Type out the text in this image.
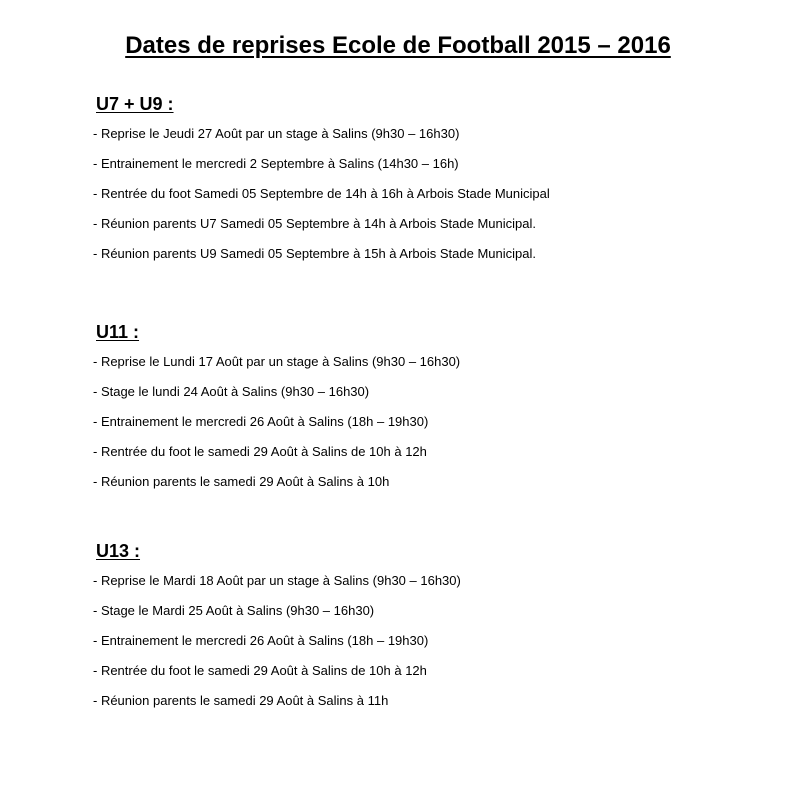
Dates de reprises Ecole de Football 2015 – 2016
U7 + U9 :
- Reprise le Jeudi 27 Août par un stage à Salins (9h30 – 16h30)
- Entrainement le mercredi 2 Septembre à Salins (14h30 – 16h)
- Rentrée du foot Samedi 05 Septembre de 14h à 16h à Arbois Stade Municipal
- Réunion parents U7 Samedi 05 Septembre à 14h à Arbois Stade Municipal.
- Réunion parents U9 Samedi 05 Septembre à 15h à Arbois Stade Municipal.
U11 :
- Reprise le Lundi 17 Août par un stage à Salins (9h30 – 16h30)
- Stage le lundi 24 Août à Salins (9h30 – 16h30)
- Entrainement le mercredi 26 Août à Salins (18h – 19h30)
- Rentrée du foot le samedi 29 Août à Salins de 10h à 12h
- Réunion parents le samedi 29 Août à Salins à 10h
U13 :
- Reprise le Mardi 18 Août par un stage à Salins (9h30 – 16h30)
- Stage le Mardi 25 Août à Salins (9h30 – 16h30)
- Entrainement le mercredi 26 Août à Salins (18h – 19h30)
- Rentrée du foot le samedi 29 Août à Salins de 10h à 12h
- Réunion parents le samedi 29 Août à Salins à 11h
